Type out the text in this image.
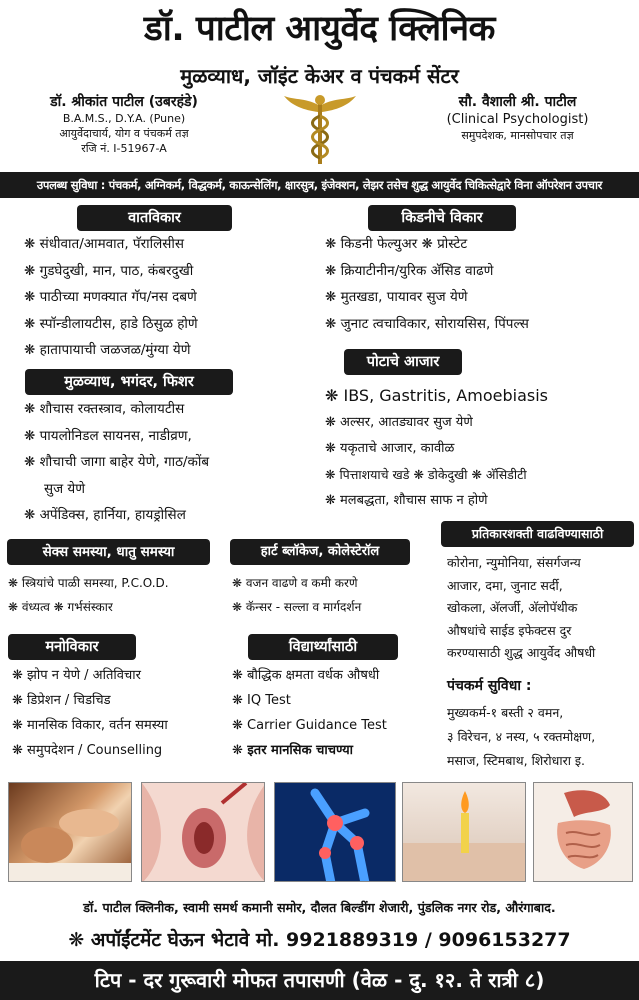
डॉ. पाटील आयुर्वेद क्लिनिक
मुळव्याध, जॉइंट केअर व पंचकर्म सेंटर
डॉ. श्रीकांत पाटील (उबरहंडे)
B.A.M.S., D.Y.A. (Pune)
आयुर्वेदाचार्य, योग व पंचकर्म तज्ञ
रजि नं. I-51967-A
सौ. वैशाली श्री. पाटील
(Clinical Psychologist)
समुपदेशक, मानसोपचार तज्ञ
उपलब्ध सुविधा : पंचकर्म, अग्निकर्म, विद्धकर्म, काऊन्सेलिंग, क्षारसुत्र, इंजेक्शन, लेझर तसेच शुद्ध आयुर्वेद चिकित्सेद्वारे विना ऑपरेशन उपचार
वातविकार
❋ संधीवात/आमवात, पॅरालिसीस
❋ गुडघेदुखी, मान, पाठ, कंबरदुखी
❋ पाठीच्या मणक्यात गॅप/नस दबणे
❋ स्पॉन्डीलायटीस, हाडे ठिसुळ होणे
❋ हातापायाची जळजळ/मुंग्या येणे
किडनीचे विकार
❋ किडनी फेल्युअर ❋ प्रोस्टेट
❋ क्रियाटीनीन/युरिक अ‍ॅसिड वाढणे
❋ मुतखडा, पायावर सुज येणे
❋ जुनाट त्वचाविकार, सोरायसिस, पिंपल्स
मुळव्याध, भगंदर, फिशर
❋ शौचास रक्तस्त्राव, कोलायटीस
❋ पायलोनिडल सायनस, नाडीव्रण,
❋ शौचाची जागा बाहेर येणे, गाठ/कोंब
सुज येणे
❋ अपेंडिक्स, हार्निया, हायड्रोसिल
पोटाचे आजार
❋ IBS, Gastritis, Amoebiasis
❋ अल्सर, आतड्यावर सुज येणे
❋ यकृताचे आजार, कावीळ
❋ पित्ताशयाचे खडे ❋ डोकेदुखी ❋ अ‍ॅसिडीटी
❋ मलबद्धता, शौचास साफ न होणे
सेक्स समस्या, धातु समस्या
❋ स्त्रियांचे पाळी समस्या, P.C.O.D.
❋ वंध्यत्व ❋ गर्भसंस्कार
हार्ट ब्लॉकेज, कोलेस्टेरॉल
❋ वजन वाढणे व कमी करणे
❋ कॅन्सर - सल्ला व मार्गदर्शन
प्रतिकारशक्ती वाढविण्यासाठी
कोरोना, न्युमोनिया, संसर्गजन्य
आजार, दमा, जुनाट सर्दी,
खोकला, अ‍ॅलर्जी, अ‍ॅलोपॅथीक
औषधांचे साईड इफेक्टस दुर
करण्यासाठी शुद्ध आयुर्वेद औषधी
मनोविकार
❋ झोप न येणे / अतिविचार
❋ डिप्रेशन / चिडचिड
❋ मानसिक विकार, वर्तन समस्या
❋ समुपदेशन / Counselling
विद्यार्थ्यांसाठी
❋ बौद्धिक क्षमता वर्धक औषधी
❋ IQ Test
❋ Carrier Guidance Test
❋ इतर मानसिक चाचण्या
पंचकर्म सुविधा :
मुख्यकर्म-१ बस्ती २ वमन,
३ विरेचन, ४ नस्य, ५ रक्तमोक्षण,
मसाज, स्टिमबाथ, शिरोधारा इ.
डॉ. पाटील क्लिनीक, स्वामी समर्थ कमानी समोर, दौलत बिल्डींग शेजारी, पुंडलिक नगर रोड, औरंगाबाद.
❋ अपॉईंटमेंट घेऊन भेटावे मो. 9921889319 / 9096153277
टिप - दर गुरूवारी मोफत तपासणी (वेळ - दु. १२. ते रात्री ८)
